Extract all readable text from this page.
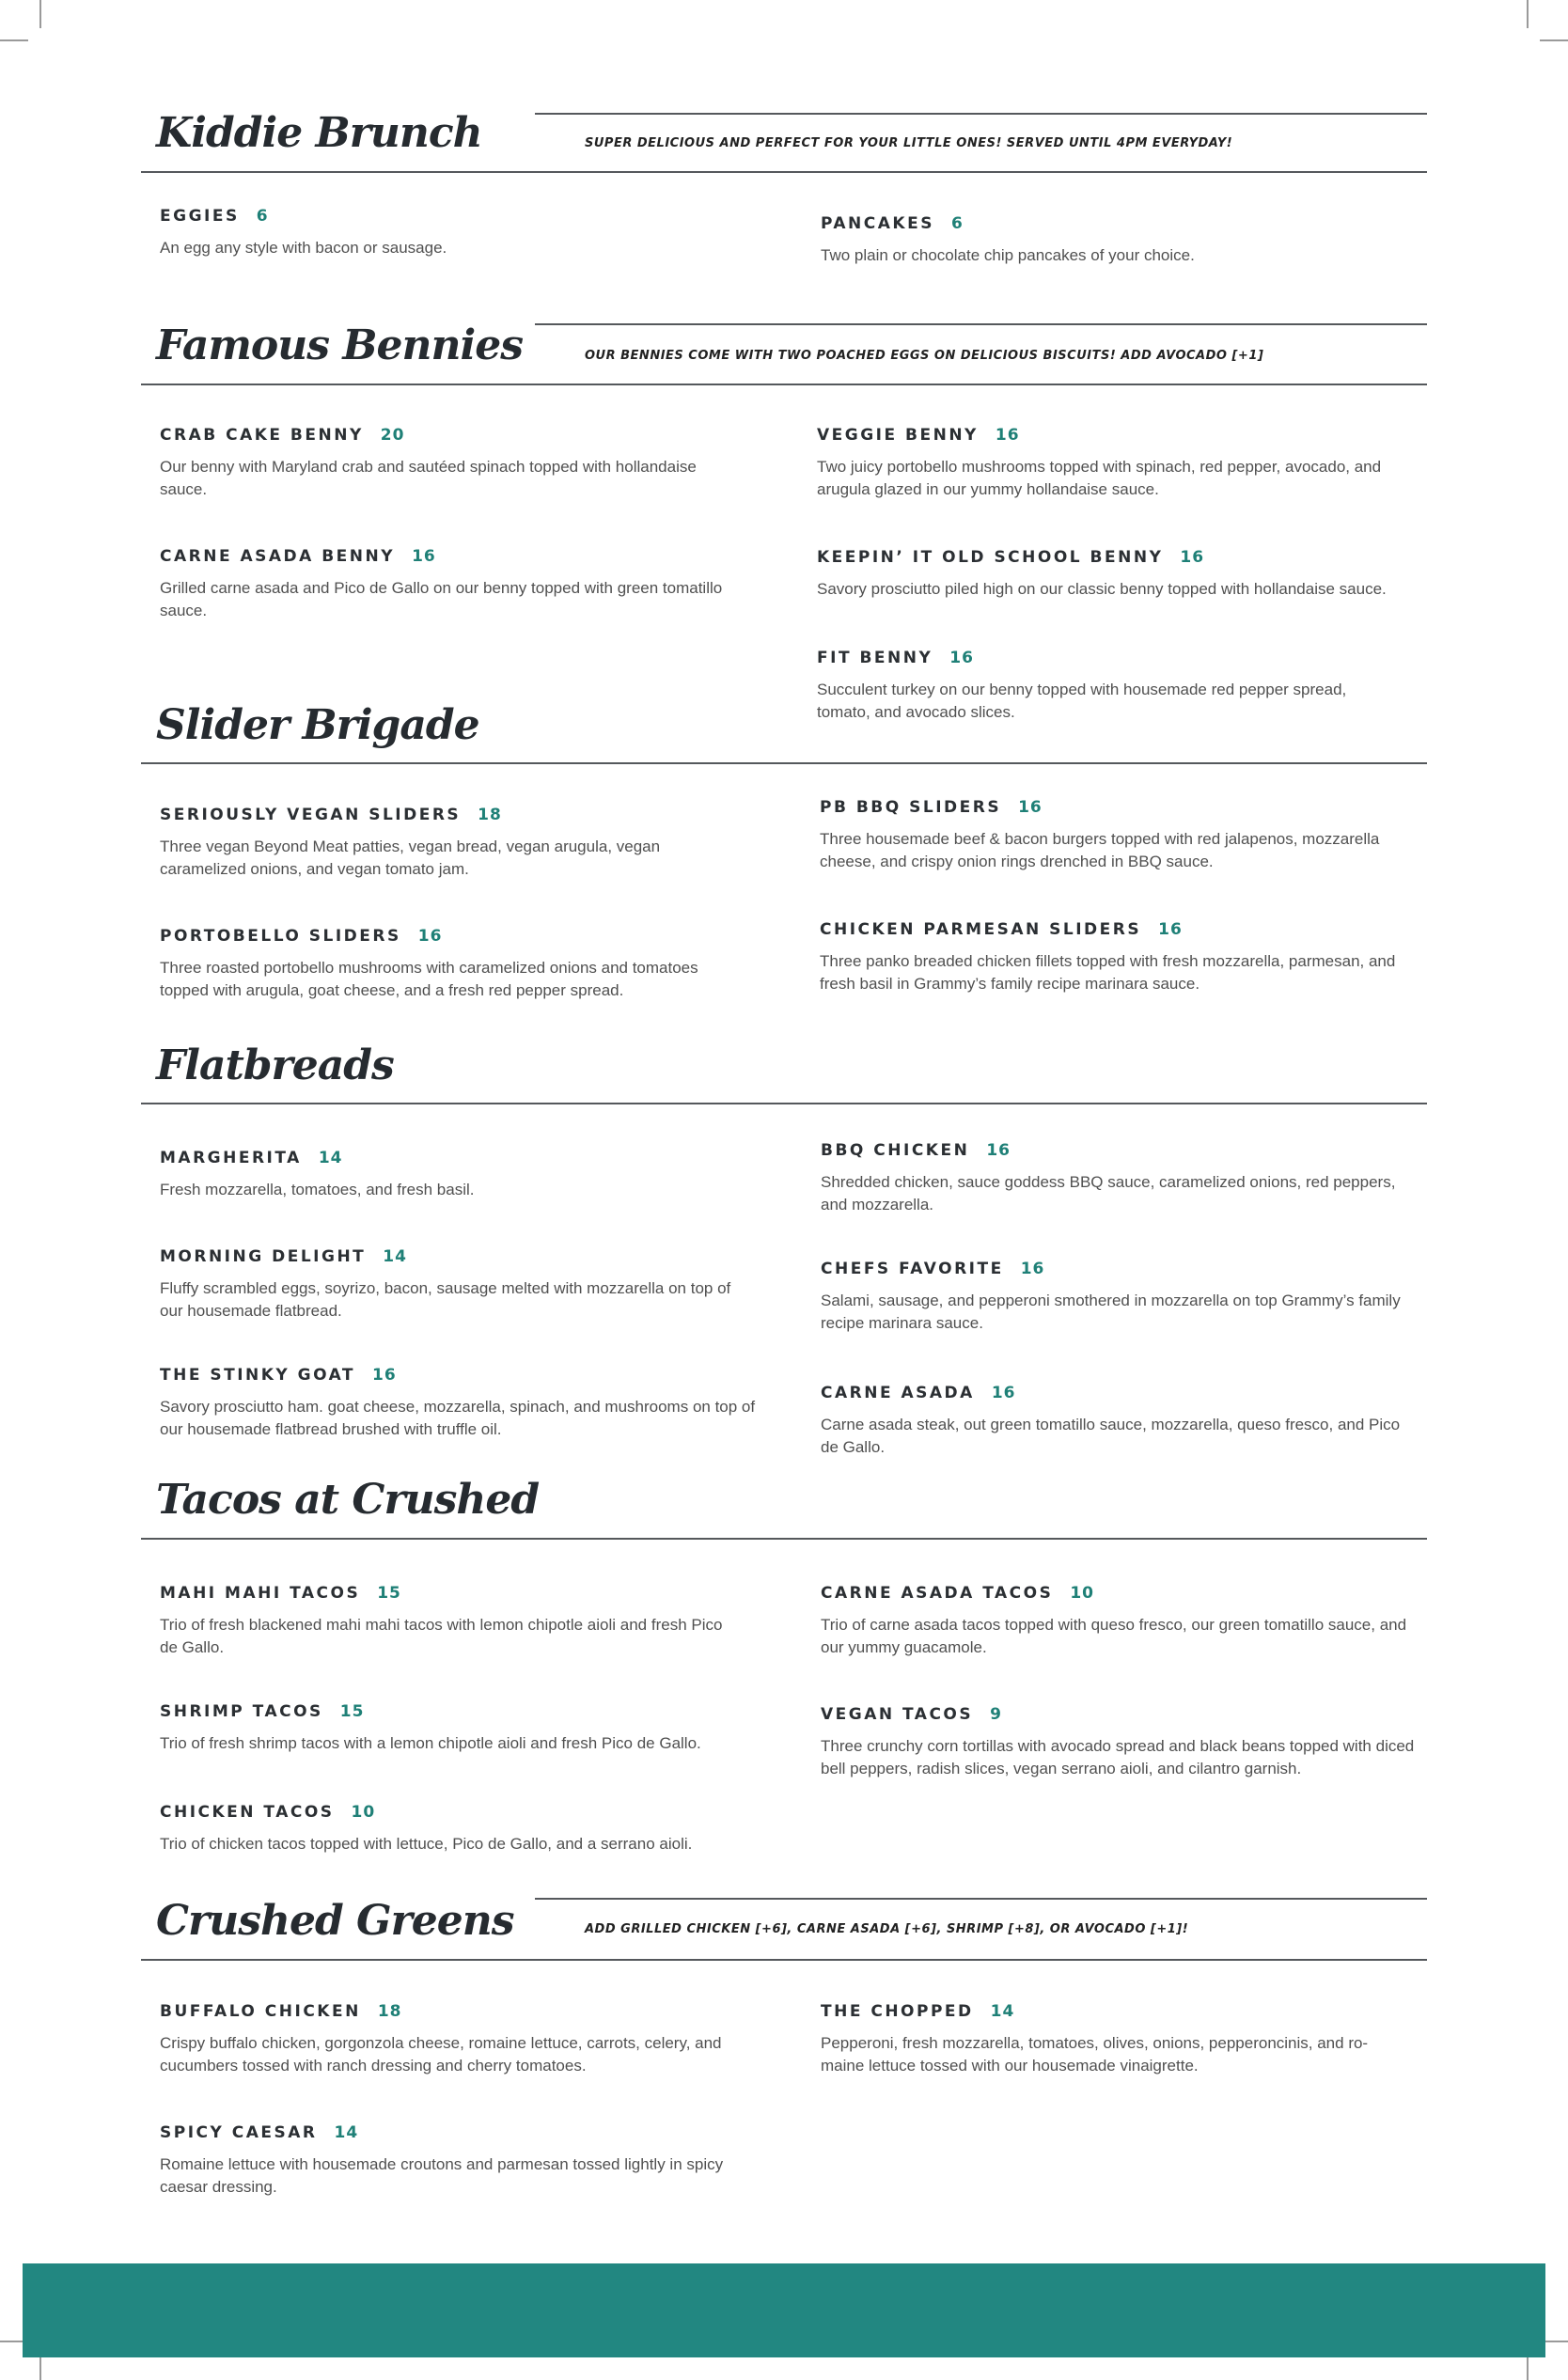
Kiddie Brunch	SUPER DELICIOUS AND PERFECT FOR YOUR LITTLE ONES! SERVED UNTIL 4PM EVERYDAY!

EGGIES 6
An egg any style with bacon or sausage.
PANCAKES 6
Two plain or chocolate chip pancakes of your choice.
Famous Bennies	OUR BENNIES COME WITH TWO POACHED EGGS ON DELICIOUS BISCUITS! ADD AVOCADO [+1]

CRAB CAKE BENNY 20
Our benny with Maryland crab and sautéed spinach topped with hollandaise sauce.
CARNE ASADA BENNY 16
Grilled carne asada and Pico de Gallo on our benny topped with green tomatillo sauce.
VEGGIE BENNY 16
Two juicy portobello mushrooms topped with spinach, red pepper, avocado, and arugula glazed in our yummy hollandaise sauce.
KEEPIN’ IT OLD SCHOOL BENNY 16
Savory prosciutto piled high on our classic benny topped with hollandaise sauce.
FIT BENNY 16
Succulent turkey on our benny topped with housemade red pepper spread, tomato, and avocado slices.
Slider Brigade
SERIOUSLY VEGAN SLIDERS 18
Three vegan Beyond Meat patties, vegan bread, vegan arugula, vegan caramelized onions, and vegan tomato jam.
PORTOBELLO SLIDERS 16
Three roasted portobello mushrooms with caramelized onions and tomatoes topped with arugula, goat cheese, and a fresh red pepper spread.
PB BBQ SLIDERS 16
Three housemade beef & bacon burgers topped with red jalapenos, mozzarella cheese, and crispy onion rings drenched in BBQ sauce.
CHICKEN PARMESAN SLIDERS 16
Three panko breaded chicken fillets topped with fresh mozzarella, parmesan, and fresh basil in Grammy’s family recipe marinara sauce.
Flatbreads
MARGHERITA 14
Fresh mozzarella, tomatoes, and fresh basil.
MORNING DELIGHT 14
Fluffy scrambled eggs, soyrizo, bacon, sausage melted with mozzarella on top of our housemade flatbread.
THE STINKY GOAT 16
Savory prosciutto ham. goat cheese, mozzarella, spinach, and mushrooms on top of our housemade flatbread brushed with truffle oil.
BBQ CHICKEN 16
Shredded chicken, sauce goddess BBQ sauce, caramelized onions, red peppers, and mozzarella.
CHEFS FAVORITE 16
Salami, sausage, and pepperoni smothered in mozzarella on top Grammy’s family recipe marinara sauce.
CARNE ASADA 16
Carne asada steak, out green tomatillo sauce, mozzarella, queso fresco, and Pico de Gallo.
Tacos at Crushed
MAHI MAHI TACOS 15
Trio of fresh blackened mahi mahi tacos with lemon chipotle aioli and fresh Pico de Gallo.
SHRIMP TACOS 15
Trio of fresh shrimp tacos with a lemon chipotle aioli and fresh Pico de Gallo.
CHICKEN TACOS 10
Trio of chicken tacos topped with lettuce, Pico de Gallo, and a serrano aioli.
CARNE ASADA TACOS 10
Trio of carne asada tacos topped with queso fresco, our green tomatillo sauce, and our yummy guacamole.
VEGAN TACOS 9
Three crunchy corn tortillas with avocado spread and black beans topped with diced bell peppers, radish slices, vegan serrano aioli, and cilantro garnish.
Crushed Greens	ADD GRILLED CHICKEN [+6], CARNE ASADA [+6], SHRIMP [+8], OR AVOCADO [+1]!

BUFFALO CHICKEN 18
Crispy buffalo chicken, gorgonzola cheese, romaine lettuce, carrots, celery, and cucumbers tossed with ranch dressing and cherry tomatoes.
SPICY CAESAR 14
Romaine lettuce with housemade croutons and parmesan tossed lightly in spicy caesar dressing.
THE CHOPPED 14
Pepperoni, fresh mozzarella, tomatoes, olives, onions, pepperoncinis, and ro-maine lettuce tossed with our housemade vinaigrette.
